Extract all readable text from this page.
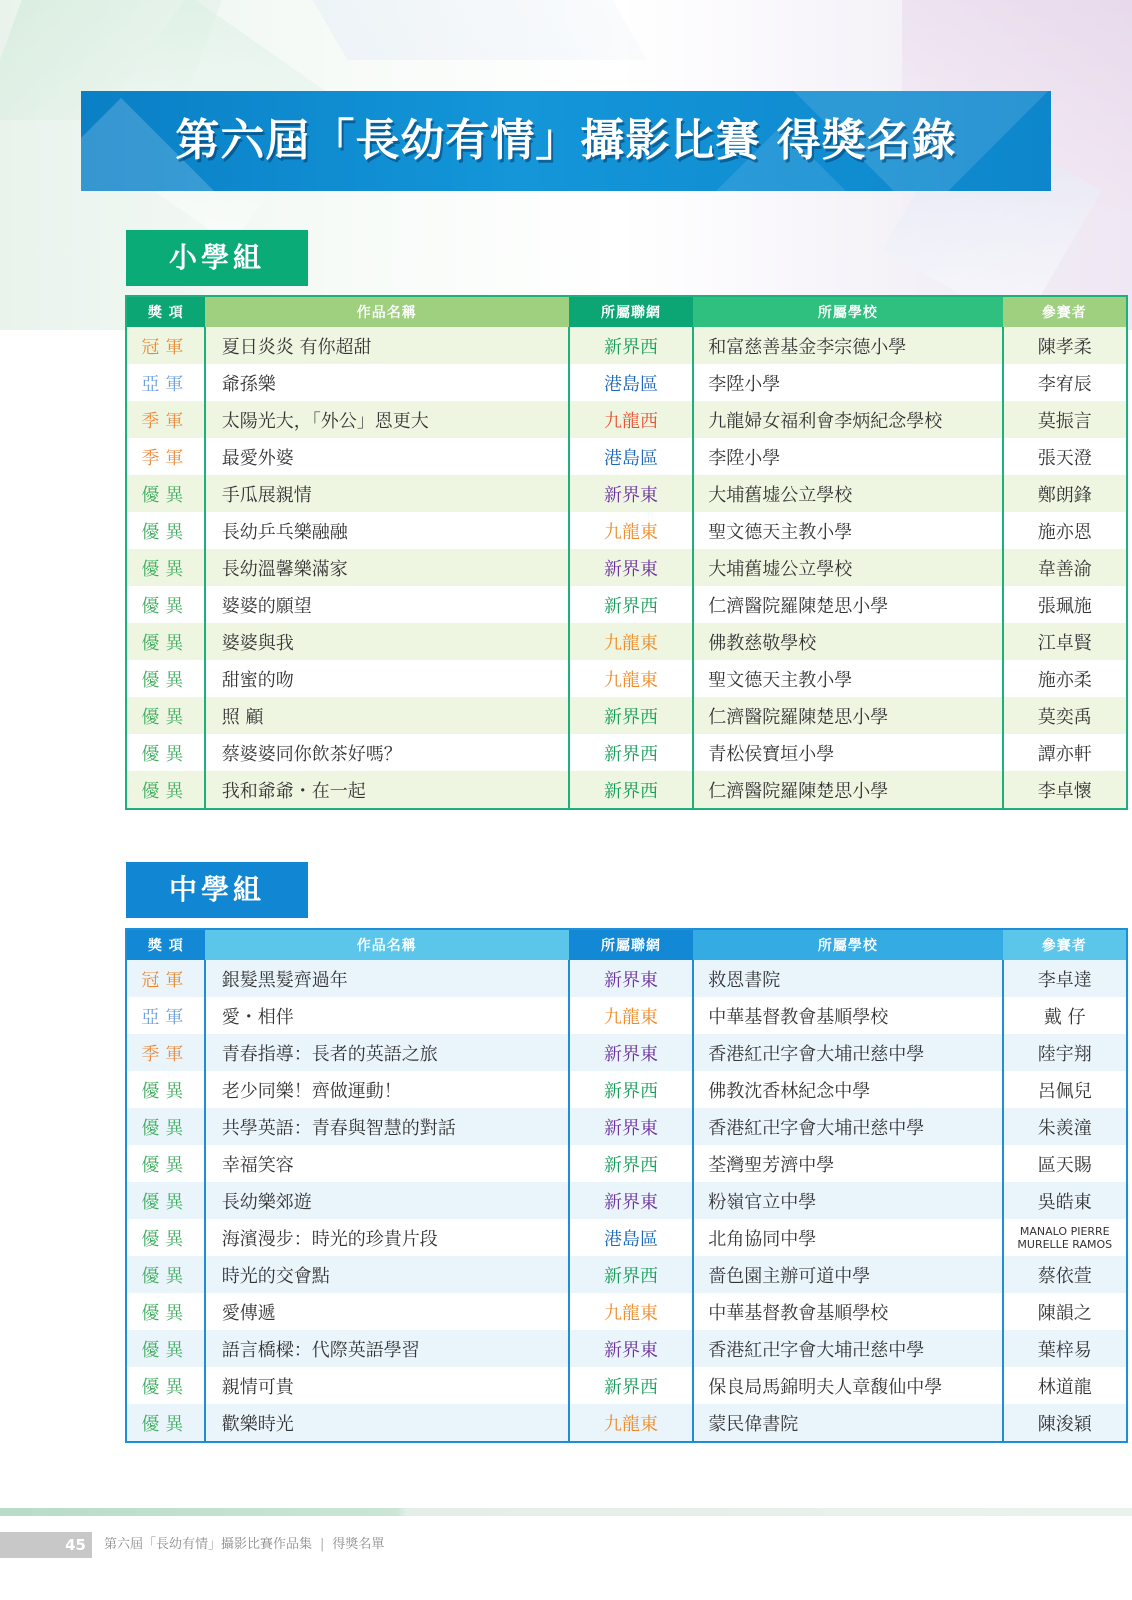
第六屆「長幼有情」攝影比賽 得獎名錄
小學組
獎 項	作品名稱	所屬聯網	所屬學校	參賽者
冠軍	夏日炎炎 有你超甜	新界西	和富慈善基金李宗德小學	陳孝柔
亞軍	爺孫樂	港島區	李陞小學	李宥辰
季軍	太陽光大，「外公」恩更大	九龍西	九龍婦女福利會李炳紀念學校	莫振言
季軍	最愛外婆	港島區	李陞小學	張天澄
優異	手瓜展親情	新界東	大埔舊墟公立學校	鄭朗鋒
優異	長幼乒乓樂融融	九龍東	聖文德天主教小學	施亦恩
優異	長幼溫馨樂滿家	新界東	大埔舊墟公立學校	韋善渝
優異	婆婆的願望	新界西	仁濟醫院羅陳楚思小學	張珮施
優異	婆婆與我	九龍東	佛教慈敬學校	江卓賢
優異	甜蜜的吻	九龍東	聖文德天主教小學	施亦柔
優異	照 顧	新界西	仁濟醫院羅陳楚思小學	莫奕禹
優異	蔡婆婆同你飲茶好嗎？	新界西	青松侯寶垣小學	譚亦軒
優異	我和爺爺・在一起	新界西	仁濟醫院羅陳楚思小學	李卓懷
中學組
獎 項	作品名稱	所屬聯網	所屬學校	參賽者
冠軍	銀髮黑髮齊過年	新界東	救恩書院	李卓達
亞軍	愛・相伴	九龍東	中華基督教會基順學校	戴 仔
季軍	青春指導：長者的英語之旅	新界東	香港紅卍字會大埔卍慈中學	陸宇翔
優異	老少同樂！齊做運動！	新界西	佛教沈香林紀念中學	呂佩兒
優異	共學英語：青春與智慧的對話	新界東	香港紅卍字會大埔卍慈中學	朱羨潼
優異	幸福笑容	新界西	荃灣聖芳濟中學	區天賜
優異	長幼樂郊遊	新界東	粉嶺官立中學	吳皓東
優異	海濱漫步：時光的珍貴片段	港島區	北角協同中學	MANALO PIERRE MURELLE RAMOS
優異	時光的交會點	新界西	嗇色園主辦可道中學	蔡依萱
優異	愛傳遞	九龍東	中華基督教會基順學校	陳韻之
優異	語言橋樑：代際英語學習	新界東	香港紅卍字會大埔卍慈中學	葉梓易
優異	親情可貴	新界西	保良局馬錦明夫人章馥仙中學	林道龍
優異	歡樂時光	九龍東	蒙民偉書院	陳浚穎
45	第六屆「長幼有情」攝影比賽作品集 | 得獎名單
